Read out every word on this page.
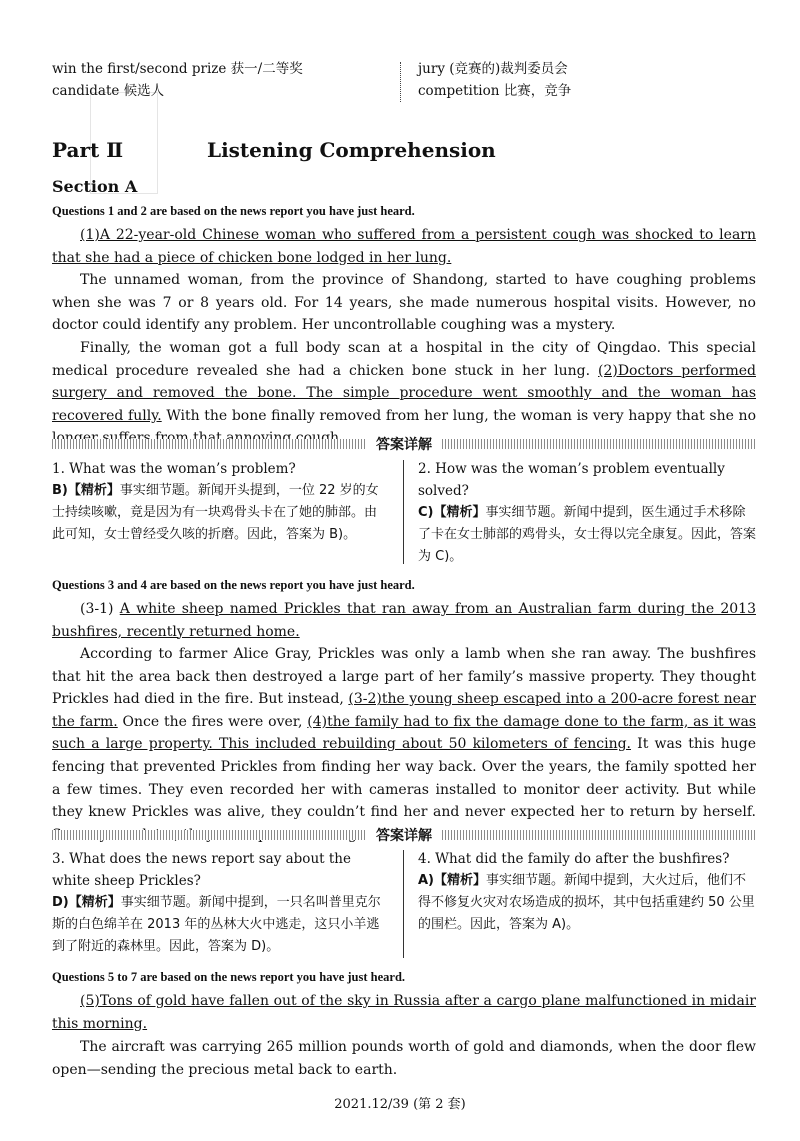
win the first/second prize 获一/二等奖
candidate 候选人
jury (竞赛的)裁判委员会
competition 比赛，竞争
Part Ⅱ	Listening Comprehension
Section A
Questions 1 and 2 are based on the news report you have just heard.
(1)A 22-year-old Chinese woman who suffered from a persistent cough was shocked to learn that she had a piece of chicken bone lodged in her lung.
The unnamed woman, from the province of Shandong, started to have coughing problems when she was 7 or 8 years old. For 14 years, she made numerous hospital visits. However, no doctor could identify any problem. Her uncontrollable coughing was a mystery.
Finally, the woman got a full body scan at a hospital in the city of Qingdao. This special medical procedure revealed she had a chicken bone stuck in her lung. (2)Doctors performed surgery and removed the bone. The simple procedure went smoothly and the woman has recovered fully. With the bone finally removed from her lung, the woman is very happy that she no
答案详解

1. What was the woman’s problem?

B)【精析】事实细节题。新闻开头提到，一位 22 岁的女士持续咳嗽，竟是因为有一块鸡骨头卡在了她的肺部。由此可知，女士曾经受久咳的折磨。因此，答案为 B)。

2. How was the woman’s problem eventually solved?

C)【精析】事实细节题。新闻中提到，医生通过手术移除了卡在女士肺部的鸡骨头，女士得以完全康复。因此，答案为 C)。

Questions 3 and 4 are based on the news report you have just heard.
(3-1) A white sheep named Prickles that ran away from an Australian farm during the 2013 bushfires, recently returned home.
According to farmer Alice Gray, Prickles was only a lamb when she ran away. The bushfires that hit the area back then destroyed a large part of her family’s massive property. They thought Prickles had died in the fire. But instead, (3-2)the young sheep escaped into a 200-acre forest near the farm. Once the fires were over, (4)the family had to fix the damage done to the farm, as it was such a large property. This included rebuilding about 50 kilometers of fencing. It was this huge fencing that prevented Prickles from finding her way back. Over the years, the family spotted her a few times. They even recorded her with cameras installed to monitor deer activity. But while they knew Prickles was alive, they couldn’t find her and never expected her to return by herself.
答案详解

3. What does the news report say about the white sheep Prickles?

D)【精析】事实细节题。新闻中提到，一只名叫普里克尔斯的白色绵羊在 2013 年的丛林大火中逃走，这只小羊逃到了附近的森林里。因此，答案为 D)。

4. What did the family do after the bushfires?

A)【精析】事实细节题。新闻中提到，大火过后，他们不得不修复火灾对农场造成的损坏，其中包括重建约 50 公里的围栏。因此，答案为 A)。

Questions 5 to 7 are based on the news report you have just heard.
(5)Tons of gold have fallen out of the sky in Russia after a cargo plane malfunctioned in midair this morning.
The aircraft was carrying 265 million pounds worth of gold and diamonds, when the door flew open—sending the precious metal back to earth.
2021.12/39 (第 2 套)
